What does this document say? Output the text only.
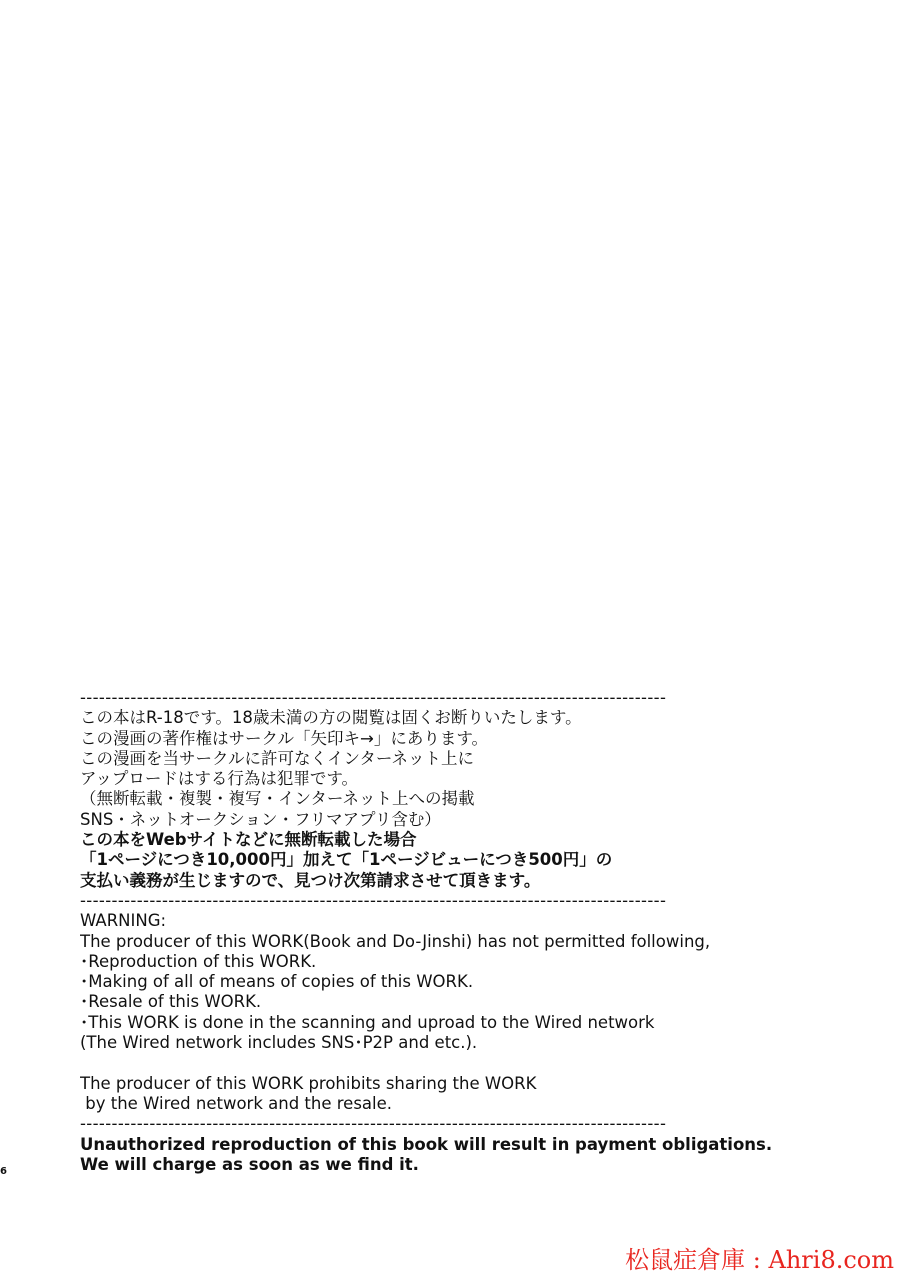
---------------------------------------------------------------------------------------------
この本はR-18です。18歳未満の方の閲覧は固くお断りいたします。
この漫画の著作権はサークル「矢印キ→」にあります。
この漫画を当サークルに許可なくインターネット上に
アップロードはする行為は犯罪です。
（無断転載・複製・複写・インターネット上への掲載
SNS・ネットオークション・フリマアプリ含む）
この本をWebサイトなどに無断転載した場合
「1ページにつき10,000円」加えて「1ページビューにつき500円」の
支払い義務が生じますので、見つけ次第請求させて頂きます。
---------------------------------------------------------------------------------------------
WARNING:
The producer of this WORK(Book and Do-Jinshi) has not permitted following,
･Reproduction of this WORK.
･Making of all of means of copies of this WORK.
･Resale of this WORK.
･This WORK is done in the scanning and uproad to the Wired network
(The Wired network includes SNS･P2P and etc.).
The producer of this WORK prohibits sharing the WORK
by the Wired network and the resale.
---------------------------------------------------------------------------------------------
Unauthorized reproduction of this book will result in payment obligations.
We will charge as soon as we find it.
6
松鼠症倉庫 : Ahri8.com
